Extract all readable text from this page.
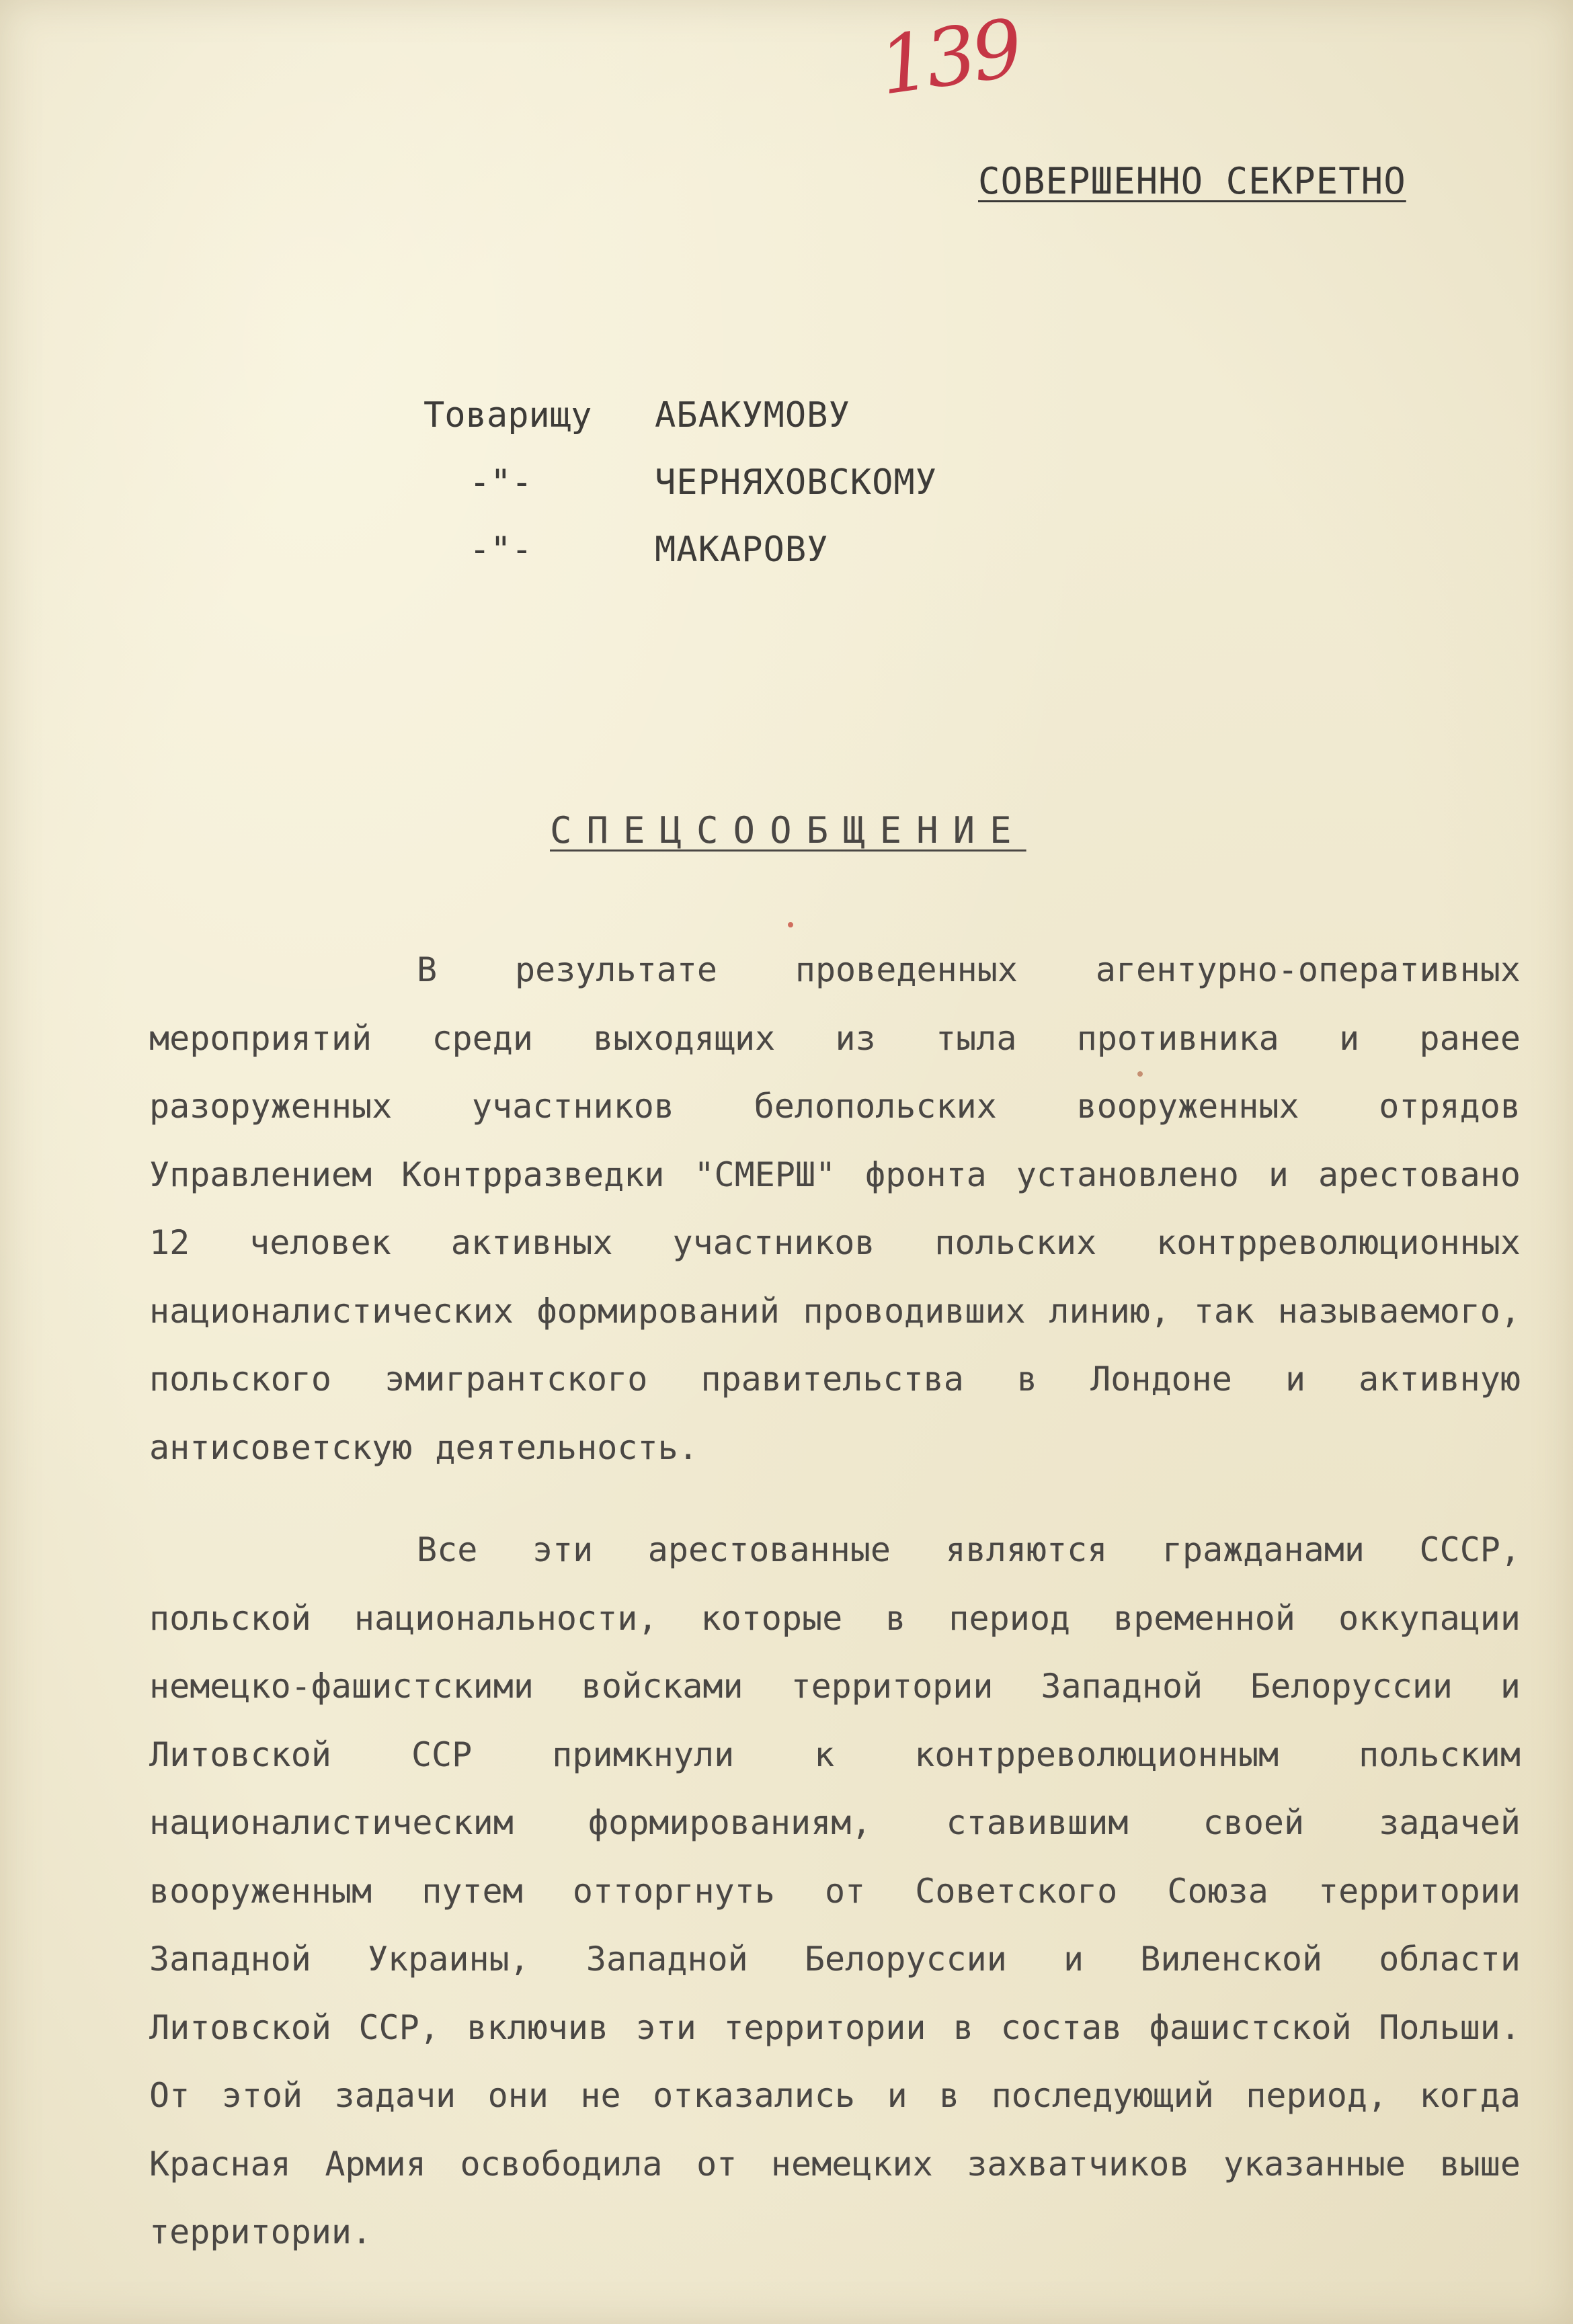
139
СОВЕРШЕННО СЕКРЕТНО
Товарищу АБАКУМОВУ
-"-	ЧЕРНЯХОВСКОМУ
-"-	МАКАРОВУ
СПЕЦСООБЩЕНИЕ

В результате проведенных агентурно-оперативных мероприятий среди выходящих из тыла противника и ранее разоруженных участников белопольских вооруженных отрядов Управлением Контрразведки "СМЕРШ" фронта установлено и арестовано 12 человек активных участников польских контрреволюционных националистических формирований проводивших линию, так называемого, польского эмигрантского правительства в Лондоне и активную антисоветскую деятельность.

Все эти арестованные являются гражданами СССР, польской национальности, которые в период временной оккупации немецко-фашистскими войсками территории Западной Белоруссии и Литовской ССР примкнули к контрреволюционным польским националистическим формированиям, ставившим своей задачей вооруженным путем отторгнуть от Советского Союза территории Западной Украины, Западной Белоруссии и Виленской области Литовской ССР, включив эти территории в состав фашистской Польши. От этой задачи они не отказались и в последующий период, когда Красная Армия освободила от немецких захватчиков указанные выше территории.
